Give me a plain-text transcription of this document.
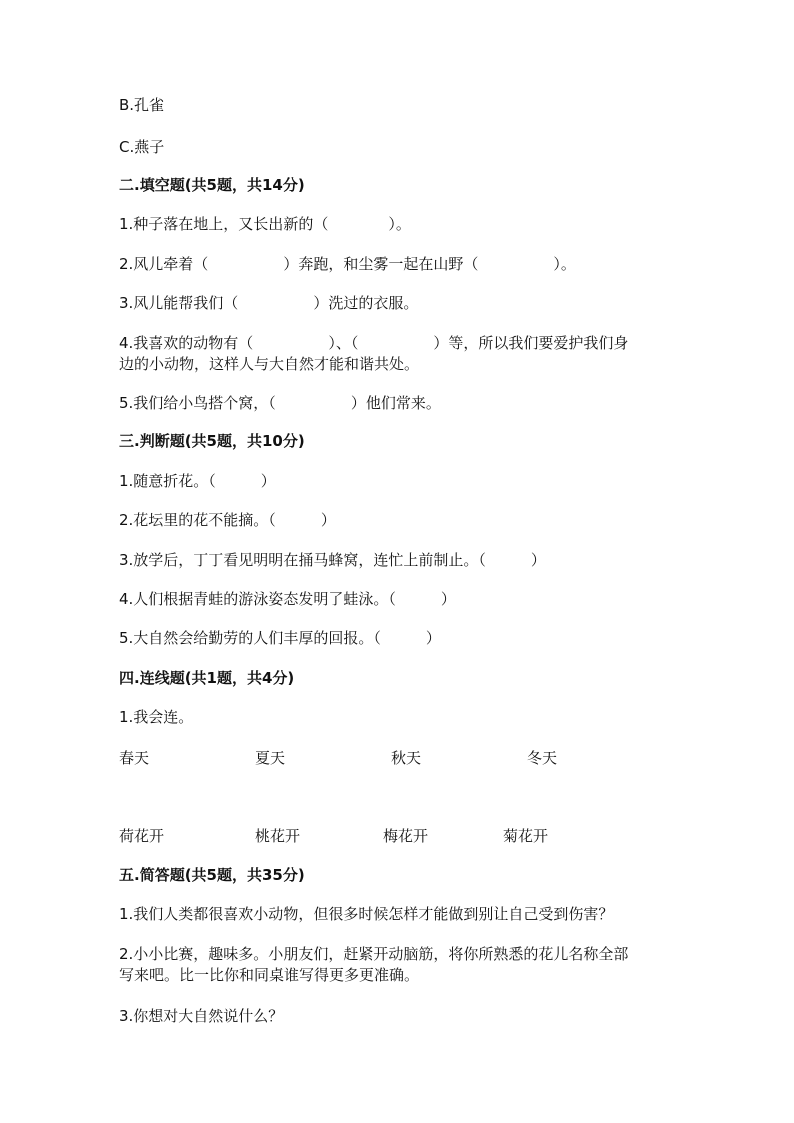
B.孔雀
C.燕子
二.填空题(共5题，共14分)
1.种子落在地上，又长出新的（　　　　）。
2.风儿牵着（　　　　　）奔跑，和尘雾一起在山野（　　　　　）。
3.风儿能帮我们（　　　　　）洗过的衣服。
4.我喜欢的动物有（　　　　　）、（　　　　　）等，所以我们要爱护我们身
边的小动物，这样人与大自然才能和谐共处。
5.我们给小鸟搭个窝，（　　　　　）他们常来。
三.判断题(共5题，共10分)
1.随意折花。（　　　）
2.花坛里的花不能摘。（　　　）
3.放学后，丁丁看见明明在捅马蜂窝，连忙上前制止。（　　　）
4.人们根据青蛙的游泳姿态发明了蛙泳。（　　　）
5.大自然会给勤劳的人们丰厚的回报。（　　　）
四.连线题(共1题，共4分)
1.我会连。
春天	夏天	秋天	冬天
荷花开	桃花开	梅花开	菊花开
五.简答题(共5题，共35分)
1.我们人类都很喜欢小动物，但很多时候怎样才能做到别让自己受到伤害？
2.小小比赛，趣味多。小朋友们，赶紧开动脑筋，将你所熟悉的花儿名称全部
写来吧。比一比你和同桌谁写得更多更准确。
3.你想对大自然说什么？
